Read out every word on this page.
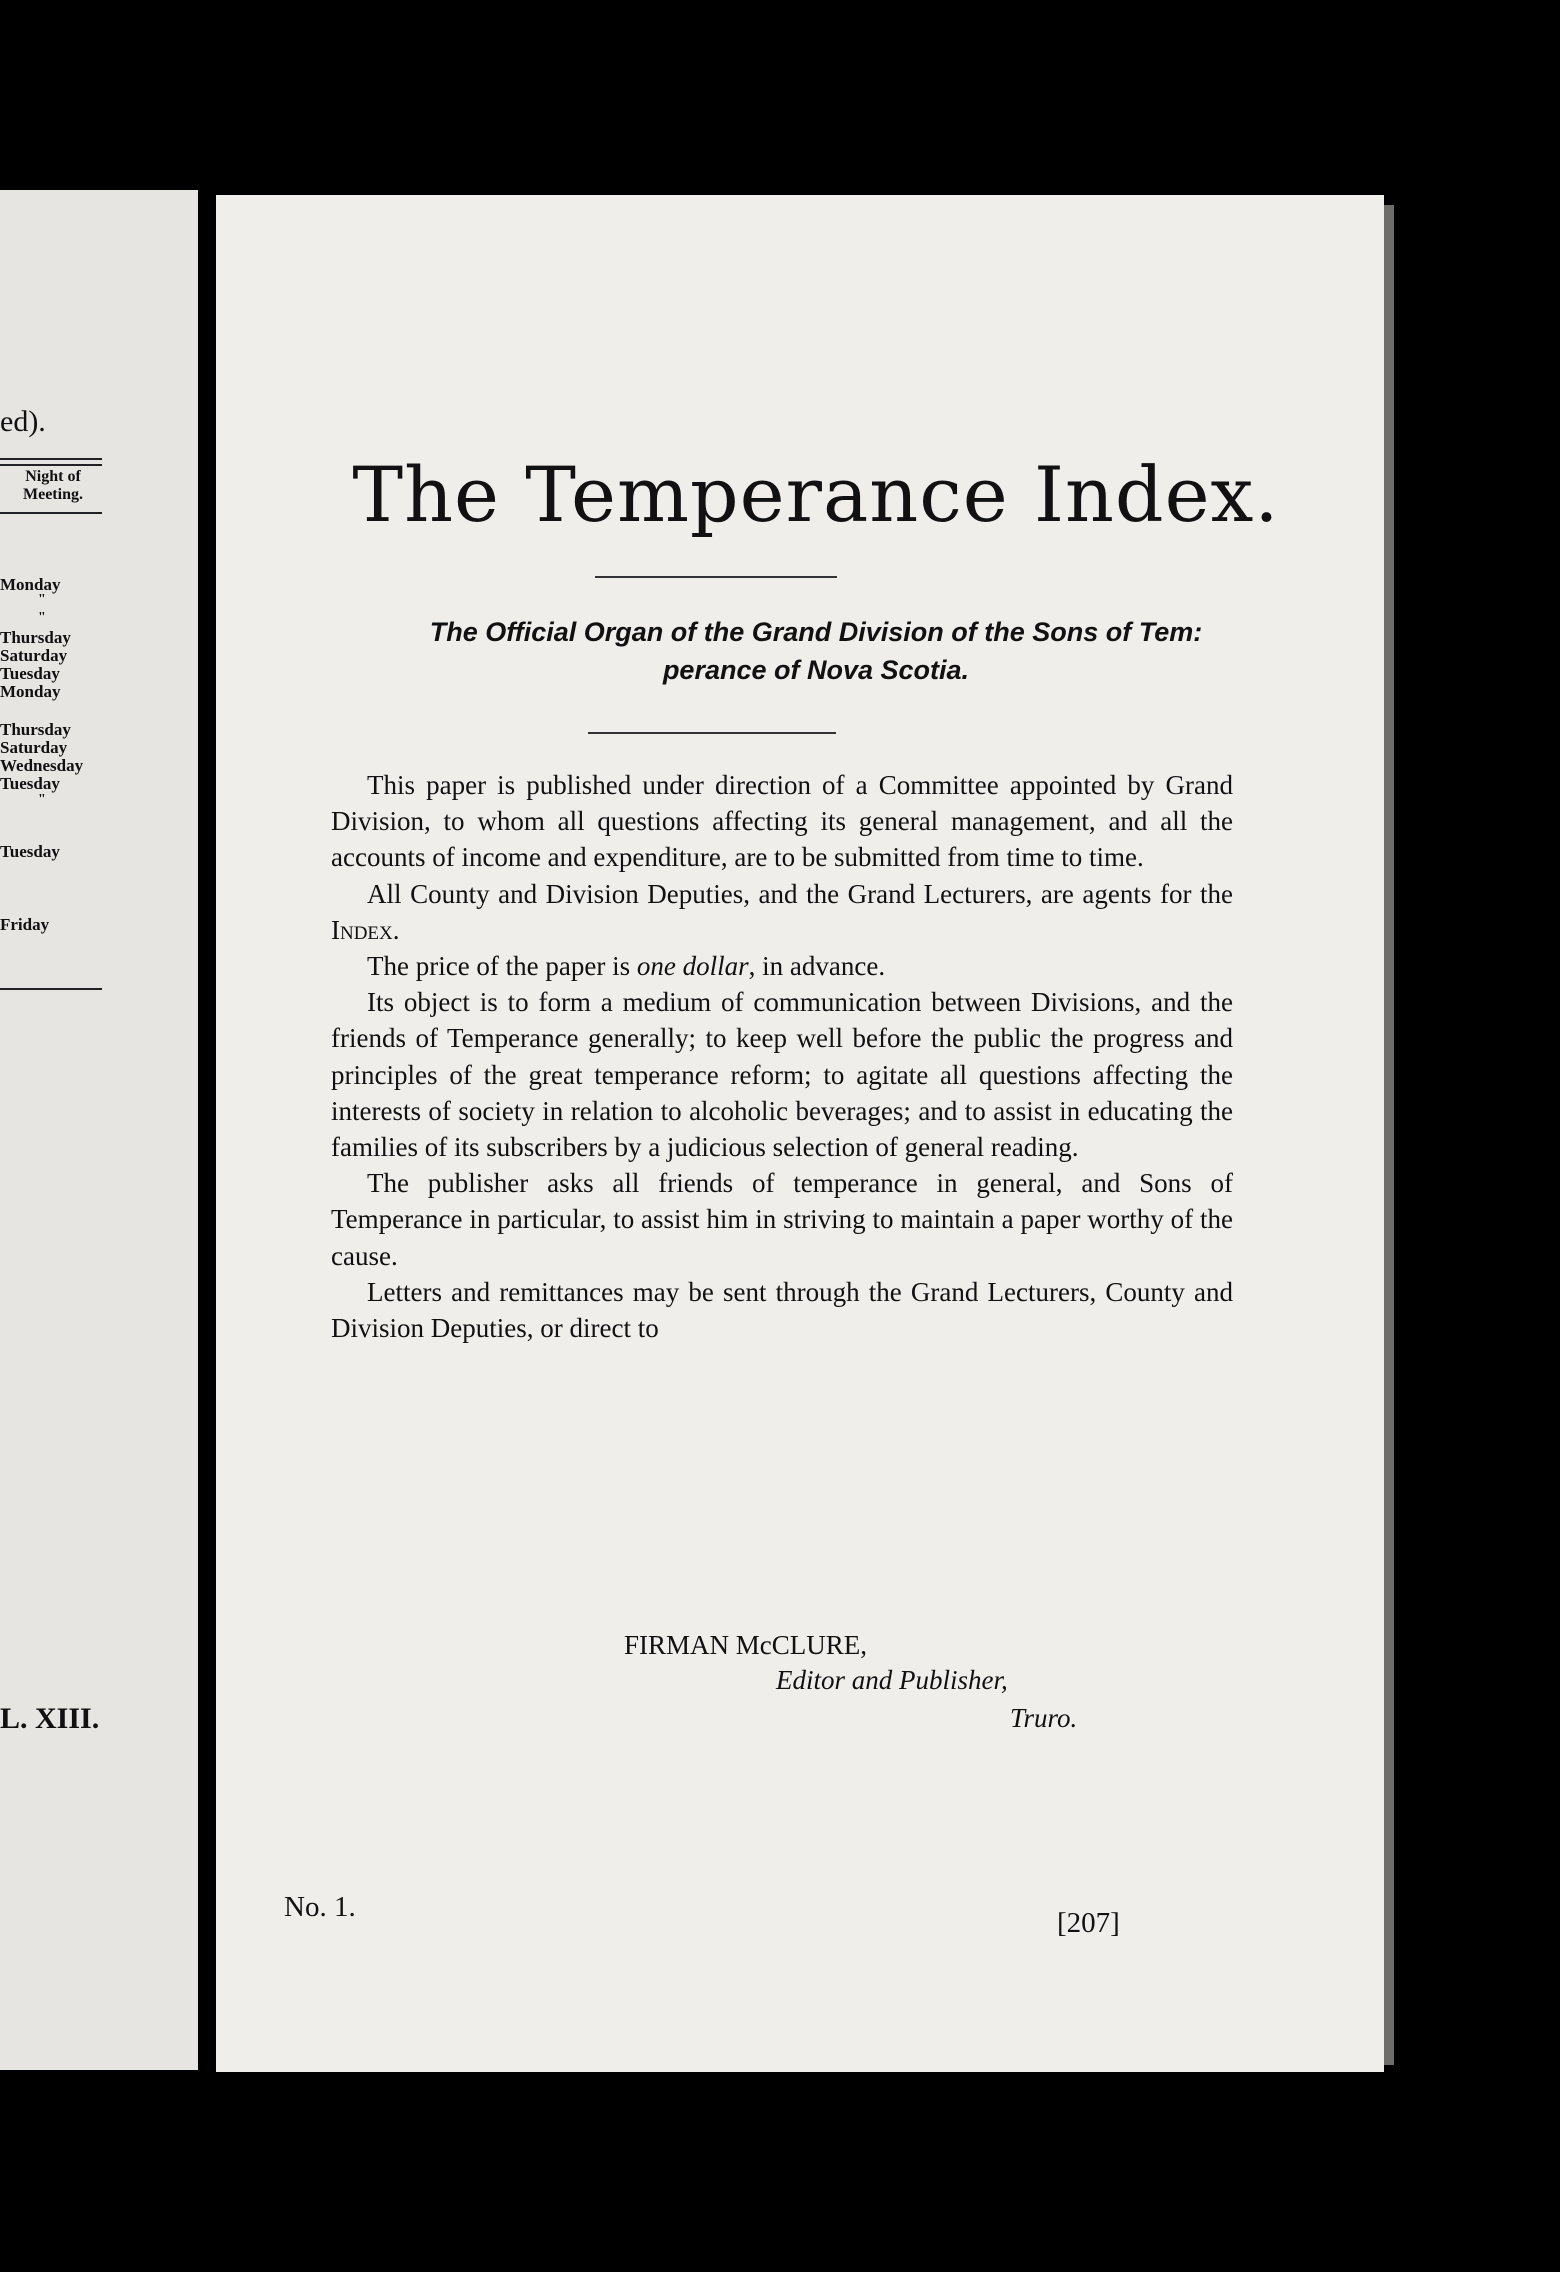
ed).
Night of
Meeting.
Monday
"
"
Thursday
Saturday
Tuesday
Monday
Thursday
Saturday
Wednesday
Tuesday
"
Tuesday
Friday
L. XIII.
The Temperance Index.
The Official Organ of the Grand Division of the Sons of Tem:
perance of Nova Scotia.

This paper is published under direction of a Committee appointed by Grand Division, to whom all questions affecting its general management, and all the accounts of income and expenditure, are to be submitted from time to time.

All County and Division Deputies, and the Grand Lecturers, are agents for the Index.

The price of the paper is one dollar, in advance.

Its object is to form a medium of communication between Divisions, and the friends of Temperance generally; to keep well before the public the progress and principles of the great temperance reform; to agitate all questions affecting the interests of society in relation to alcoholic beverages; and to assist in educating the families of its subscribers by a judicious selection of general reading.

The publisher asks all friends of temperance in general, and Sons of Temperance in particular, to assist him in striving to maintain a paper worthy of the cause.

Letters and remittances may be sent through the Grand Lecturers, County and Division Deputies, or direct to

FIRMAN McCLURE,
Editor and Publisher,
Truro.
No. 1.	[207]
